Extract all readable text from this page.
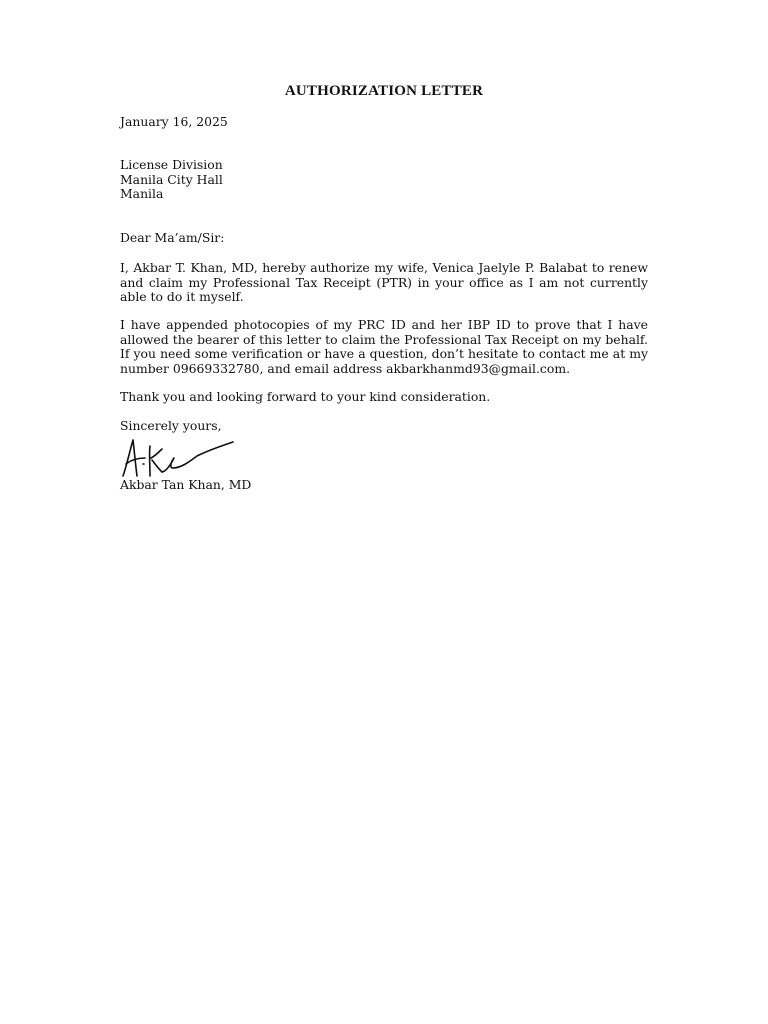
AUTHORIZATION LETTER
January 16, 2025
License Division
Manila City Hall
Manila
Dear Ma’am/Sir:
I, Akbar T. Khan, MD, hereby authorize my wife, Venica Jaelyle P. Balabat to renew and claim my Professional Tax Receipt (PTR) in your office as I am not currently able to do it myself.
I have appended photocopies of my PRC ID and her IBP ID to prove that I have allowed the bearer of this letter to claim the Professional Tax Receipt on my behalf. If you need some verification or have a question, don’t hesitate to contact me at my number 09669332780, and email address akbarkhanmd93@gmail.com.
Thank you and looking forward to your kind consideration.
Sincerely yours,
Akbar Tan Khan, MD
